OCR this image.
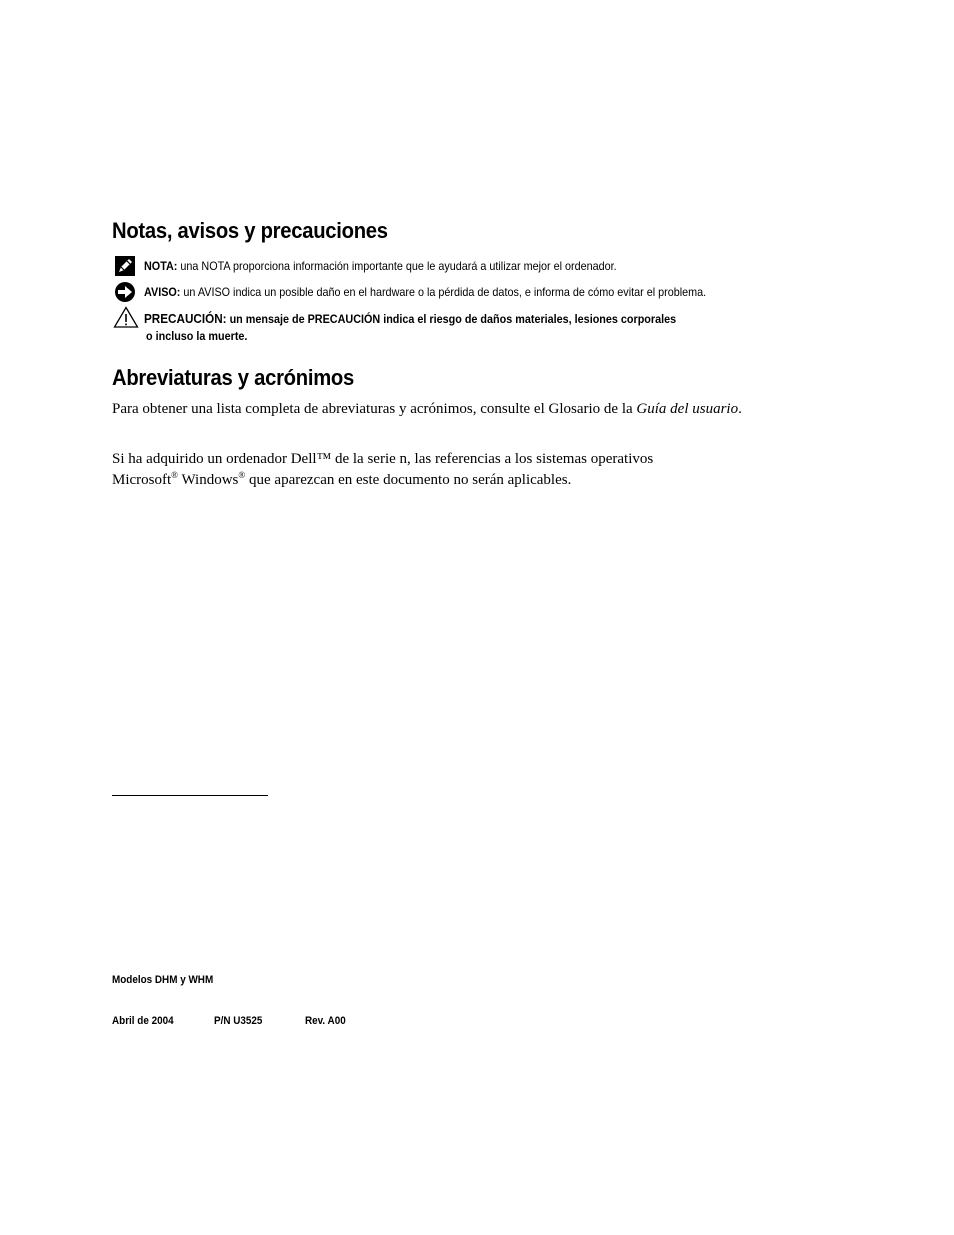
Notas, avisos y precauciones
NOTA: una NOTA proporciona información importante que le ayudará a utilizar mejor el ordenador.
AVISO: un AVISO indica un posible daño en el hardware o la pérdida de datos, e informa de cómo evitar el problema.
PRECAUCIÓN: un mensaje de PRECAUCIÓN indica el riesgo de daños materiales, lesiones corporales
o incluso la muerte.
Abreviaturas y acrónimos
Para obtener una lista completa de abreviaturas y acrónimos, consulte el Glosario de la Guía del usuario.
Si ha adquirido un ordenador Dell™ de la serie n, las referencias a los sistemas operativos
Microsoft® Windows® que aparezcan en este documento no serán aplicables.
Modelos DHM y WHM
Abril de 2004	P/N U3525	Rev. A00
